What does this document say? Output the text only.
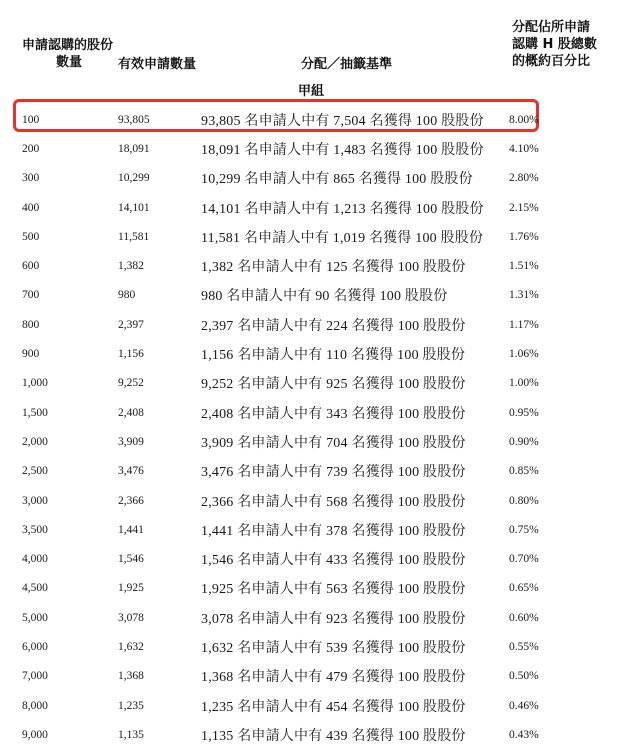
申請認購的股份
數量	有效申請數量	分配／抽籤基準
分配佔所申請
認購 H 股總數
的概約百分比
甲組
100	93,805	93,805 名申請人中有 7,504 名獲得 100 股股份 8.00%
200	18,091	18,091 名申請人中有 1,483 名獲得 100 股股份 4.10%
300	10,299	10,299 名申請人中有 865 名獲得 100 股股份	2.80%
400	14,101	14,101 名申請人中有 1,213 名獲得 100 股股份 2.15%
500	11,581	11,581 名申請人中有 1,019 名獲得 100 股股份 1.76%
600	1,382	1,382 名申請人中有 125 名獲得 100 股股份	1.51%
700	980	980 名申請人中有 90 名獲得 100 股股份	1.31%
800	2,397	2,397 名申請人中有 224 名獲得 100 股股份	1.17%
900	1,156	1,156 名申請人中有 110 名獲得 100 股股份	1.06%
1,000	9,252	9,252 名申請人中有 925 名獲得 100 股股份	1.00%
1,500	2,408	2,408 名申請人中有 343 名獲得 100 股股份	0.95%
2,000	3,909	3,909 名申請人中有 704 名獲得 100 股股份	0.90%
2,500	3,476	3,476 名申請人中有 739 名獲得 100 股股份	0.85%
3,000	2,366	2,366 名申請人中有 568 名獲得 100 股股份	0.80%
3,500	1,441	1,441 名申請人中有 378 名獲得 100 股股份	0.75%
4,000	1,546	1,546 名申請人中有 433 名獲得 100 股股份	0.70%
4,500	1,925	1,925 名申請人中有 563 名獲得 100 股股份	0.65%
5,000	3,078	3,078 名申請人中有 923 名獲得 100 股股份	0.60%
6,000	1,632	1,632 名申請人中有 539 名獲得 100 股股份	0.55%
7,000	1,368	1,368 名申請人中有 479 名獲得 100 股股份	0.50%
8,000	1,235	1,235 名申請人中有 454 名獲得 100 股股份	0.46%
9,000	1,135	1,135 名申請人中有 439 名獲得 100 股股份	0.43%
